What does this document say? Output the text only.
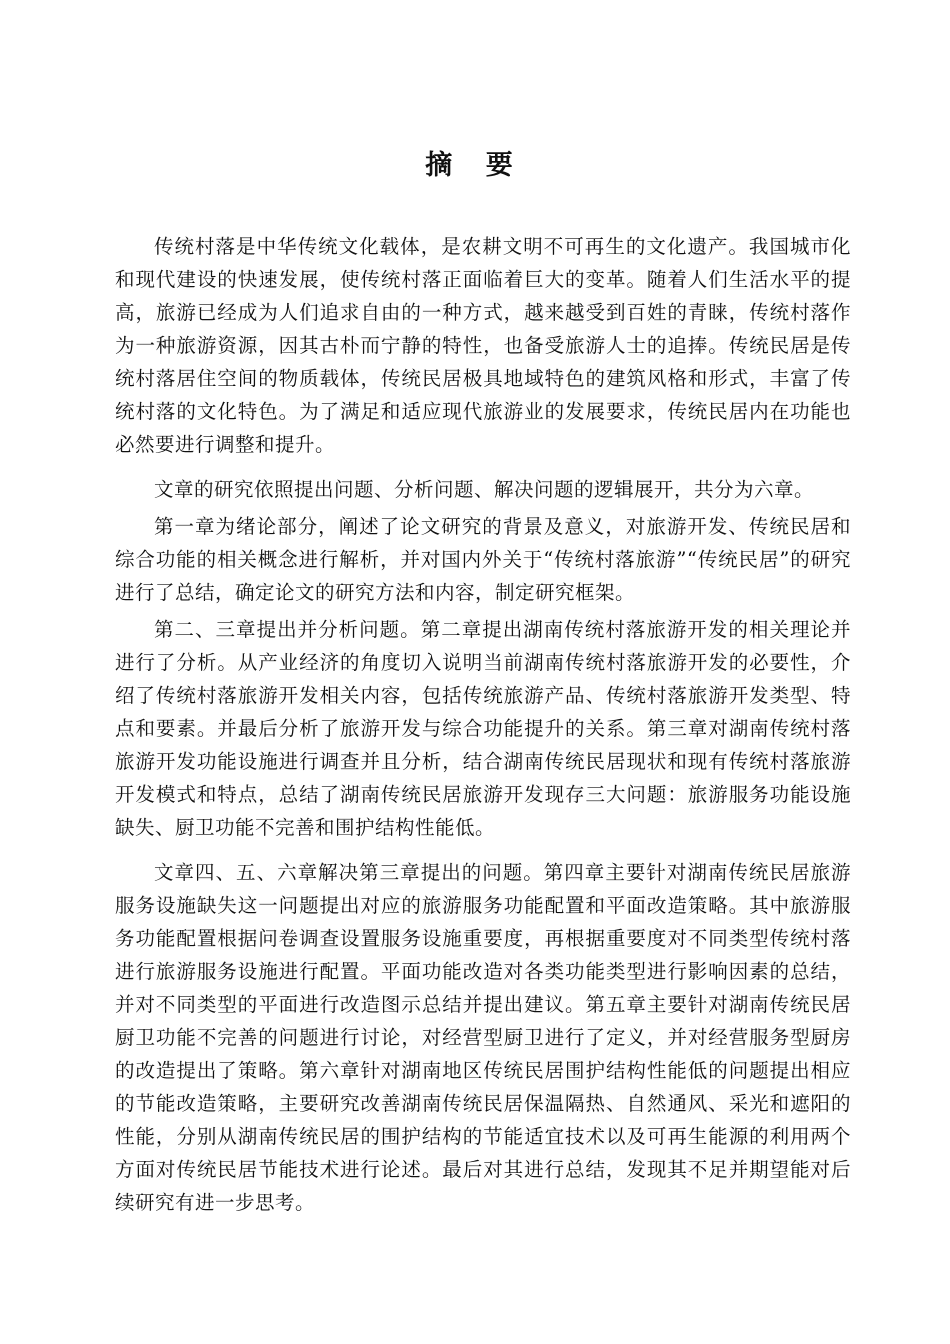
摘 要

传统村落是中华传统文化载体，是农耕文明不可再生的文化遗产。我国城市化和现代建设的快速发展，使传统村落正面临着巨大的变革。随着人们生活水平的提高，旅游已经成为人们追求自由的一种方式，越来越受到百姓的青睐，传统村落作为一种旅游资源，因其古朴而宁静的特性，也备受旅游人士的追捧。传统民居是传统村落居住空间的物质载体，传统民居极具地域特色的建筑风格和形式，丰富了传统村落的文化特色。为了满足和适应现代旅游业的发展要求，传统民居内在功能也必然要进行调整和提升。

文章的研究依照提出问题、分析问题、解决问题的逻辑展开，共分为六章。

第一章为绪论部分，阐述了论文研究的背景及意义，对旅游开发、传统民居和综合功能的相关概念进行解析，并对国内外关于“传统村落旅游”“传统民居”的研究进行了总结，确定论文的研究方法和内容，制定研究框架。

第二、三章提出并分析问题。第二章提出湖南传统村落旅游开发的相关理论并进行了分析。从产业经济的角度切入说明当前湖南传统村落旅游开发的必要性，介绍了传统村落旅游开发相关内容，包括传统旅游产品、传统村落旅游开发类型、特点和要素。并最后分析了旅游开发与综合功能提升的关系。第三章对湖南传统村落旅游开发功能设施进行调查并且分析，结合湖南传统民居现状和现有传统村落旅游开发模式和特点，总结了湖南传统民居旅游开发现存三大问题：旅游服务功能设施缺失、厨卫功能不完善和围护结构性能低。

文章四、五、六章解决第三章提出的问题。第四章主要针对湖南传统民居旅游服务设施缺失这一问题提出对应的旅游服务功能配置和平面改造策略。其中旅游服务功能配置根据问卷调查设置服务设施重要度，再根据重要度对不同类型传统村落进行旅游服务设施进行配置。平面功能改造对各类功能类型进行影响因素的总结，并对不同类型的平面进行改造图示总结并提出建议。第五章主要针对湖南传统民居厨卫功能不完善的问题进行讨论，对经营型厨卫进行了定义，并对经营服务型厨房的改造提出了策略。第六章针对湖南地区传统民居围护结构性能低的问题提出相应的节能改造策略，主要研究改善湖南传统民居保温隔热、自然通风、采光和遮阳的性能，分别从湖南传统民居的围护结构的节能适宜技术以及可再生能源的利用两个方面对传统民居节能技术进行论述。最后对其进行总结，发现其不足并期望能对后续研究有进一步思考。
